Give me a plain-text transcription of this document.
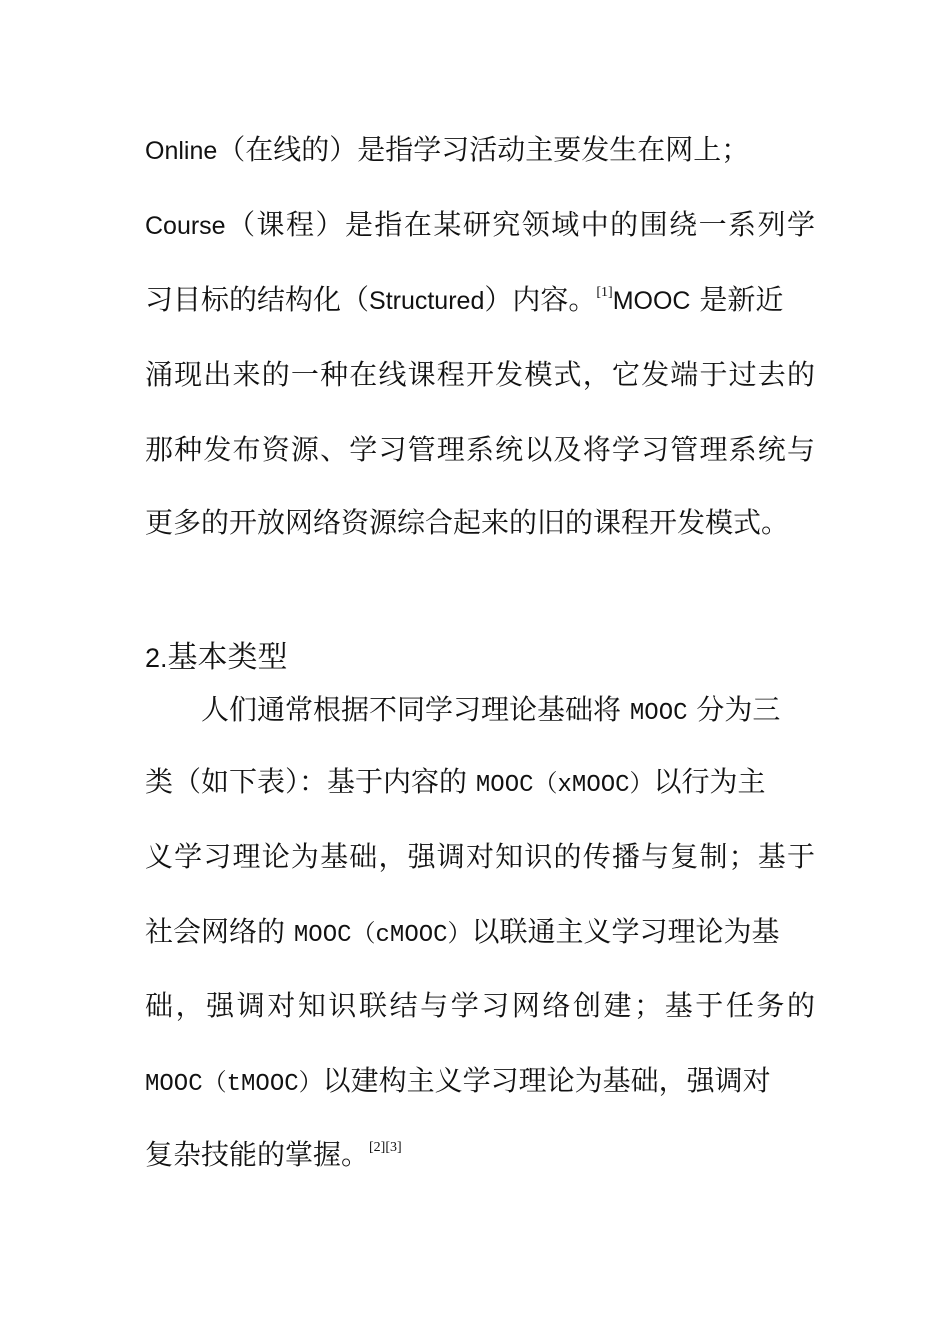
Online（在线的）是指学习活动主要发生在网上；
Course（课程）是指在某研究领域中的围绕一系列学
习目标的结构化（Structured）内容。[1]MOOC 是新近
涌现出来的一种在线课程开发模式，它发端于过去的
那种发布资源、学习管理系统以及将学习管理系统与
更多的开放网络资源综合起来的旧的课程开发模式。
2.基本类型
人们通常根据不同学习理论基础将 MOOC 分为三
类（如下表）：基于内容的 MOOC（xMOOC）以行为主
义学习理论为基础，强调对知识的传播与复制；基于
社会网络的 MOOC（cMOOC）以联通主义学习理论为基
础，强调对知识联结与学习网络创建；基于任务的
MOOC（tMOOC）以建构主义学习理论为基础，强调对
复杂技能的掌握。[2][3]
